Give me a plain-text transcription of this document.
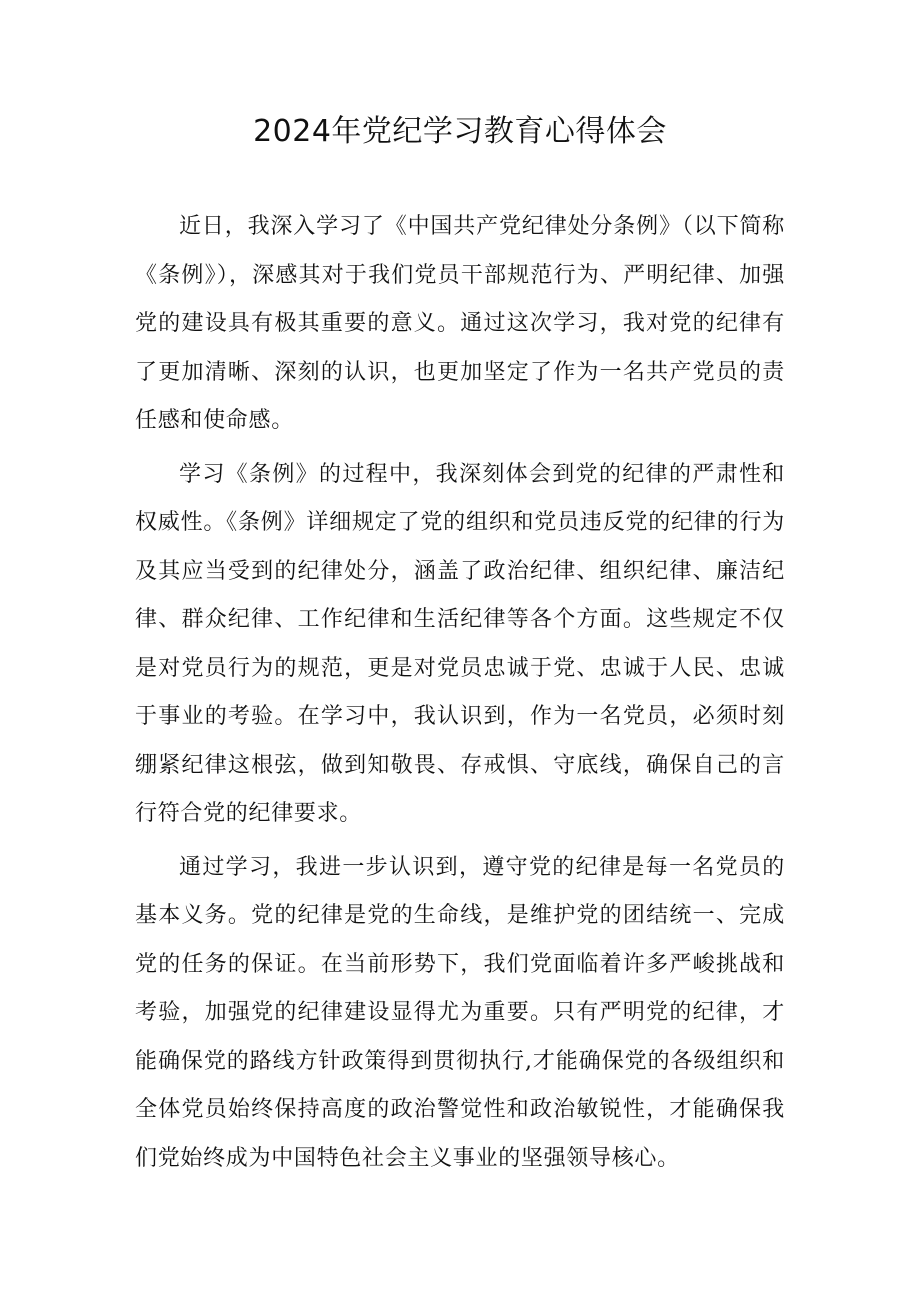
2024年党纪学习教育心得体会

近日，我深入学习了《中国共产党纪律处分条例》（以下简称《条例》），深感其对于我们党员干部规范行为、严明纪律、加强党的建设具有极其重要的意义。通过这次学习，我对党的纪律有了更加清晰、深刻的认识，也更加坚定了作为一名共产党员的责任感和使命感。

学习《条例》的过程中，我深刻体会到党的纪律的严肃性和权威性。《条例》详细规定了党的组织和党员违反党的纪律的行为及其应当受到的纪律处分，涵盖了政治纪律、组织纪律、廉洁纪律、群众纪律、工作纪律和生活纪律等各个方面。这些规定不仅是对党员行为的规范，更是对党员忠诚于党、忠诚于人民、忠诚于事业的考验。在学习中，我认识到，作为一名党员，必须时刻绷紧纪律这根弦，做到知敬畏、存戒惧、守底线，确保自己的言行符合党的纪律要求。

通过学习，我进一步认识到，遵守党的纪律是每一名党员的基本义务。党的纪律是党的生命线，是维护党的团结统一、完成党的任务的保证。在当前形势下，我们党面临着许多严峻挑战和考验，加强党的纪律建设显得尤为重要。只有严明党的纪律，才能确保党的路线方针政策得到贯彻执行,才能确保党的各级组织和全体党员始终保持高度的政治警觉性和政治敏锐性，才能确保我们党始终成为中国特色社会主义事业的坚强领导核心。
